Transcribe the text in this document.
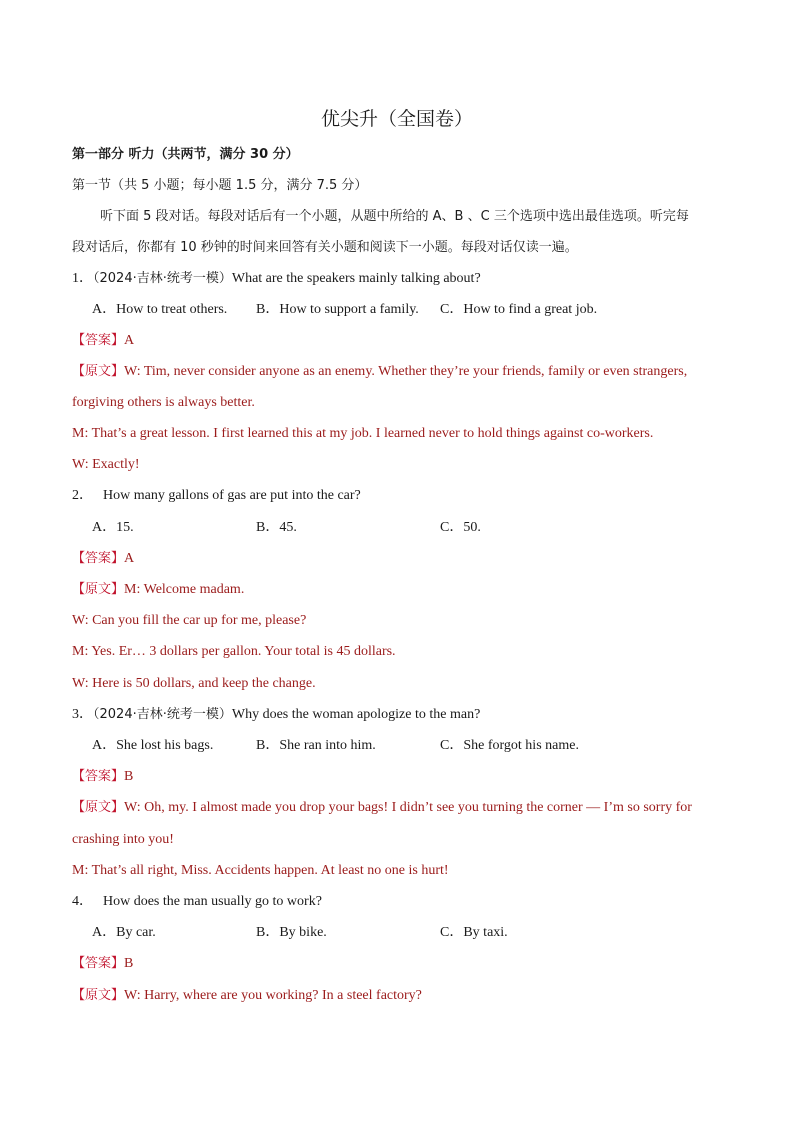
优尖升（全国卷）
第一部分 听力（共两节，满分 30 分）
第一节（共 5 小题；每小题 1.5 分，满分 7.5 分）
听下面 5 段对话。每段对话后有一个小题，从题中所给的 A、B 、C 三个选项中选出最佳选项。听完每
段对话后，你都有 10 秒钟的时间来回答有关小题和阅读下一小题。每段对话仅读一遍。
1．（2024·吉林·统考一模）What are the speakers mainly talking about?
A．How to treat others. B．How to support a family. C．How to find a great job.
【答案】A
【原文】W: Tim, never consider anyone as an enemy. Whether they’re your friends, family or even strangers,
forgiving others is always better.
M: That’s a great lesson. I first learned this at my job. I learned never to hold things against co-workers.
W: Exactly!
2． How many gallons of gas are put into the car?
A．15.	B．45.	C．50.
【答案】A
【原文】M: Welcome madam.
W: Can you fill the car up for me, please?
M: Yes. Er… 3 dollars per gallon. Your total is 45 dollars.
W: Here is 50 dollars, and keep the change.
3．（2024·吉林·统考一模）Why does the woman apologize to the man?
A．She lost his bags.	B．She ran into him.	C．She forgot his name.
【答案】B
【原文】W: Oh, my. I almost made you drop your bags! I didn’t see you turning the corner — I’m so sorry for
crashing into you!
M: That’s all right, Miss. Accidents happen. At least no one is hurt!
4． How does the man usually go to work?
A．By car.	B．By bike.	C．By taxi.
【答案】B
【原文】W: Harry, where are you working? In a steel factory?
